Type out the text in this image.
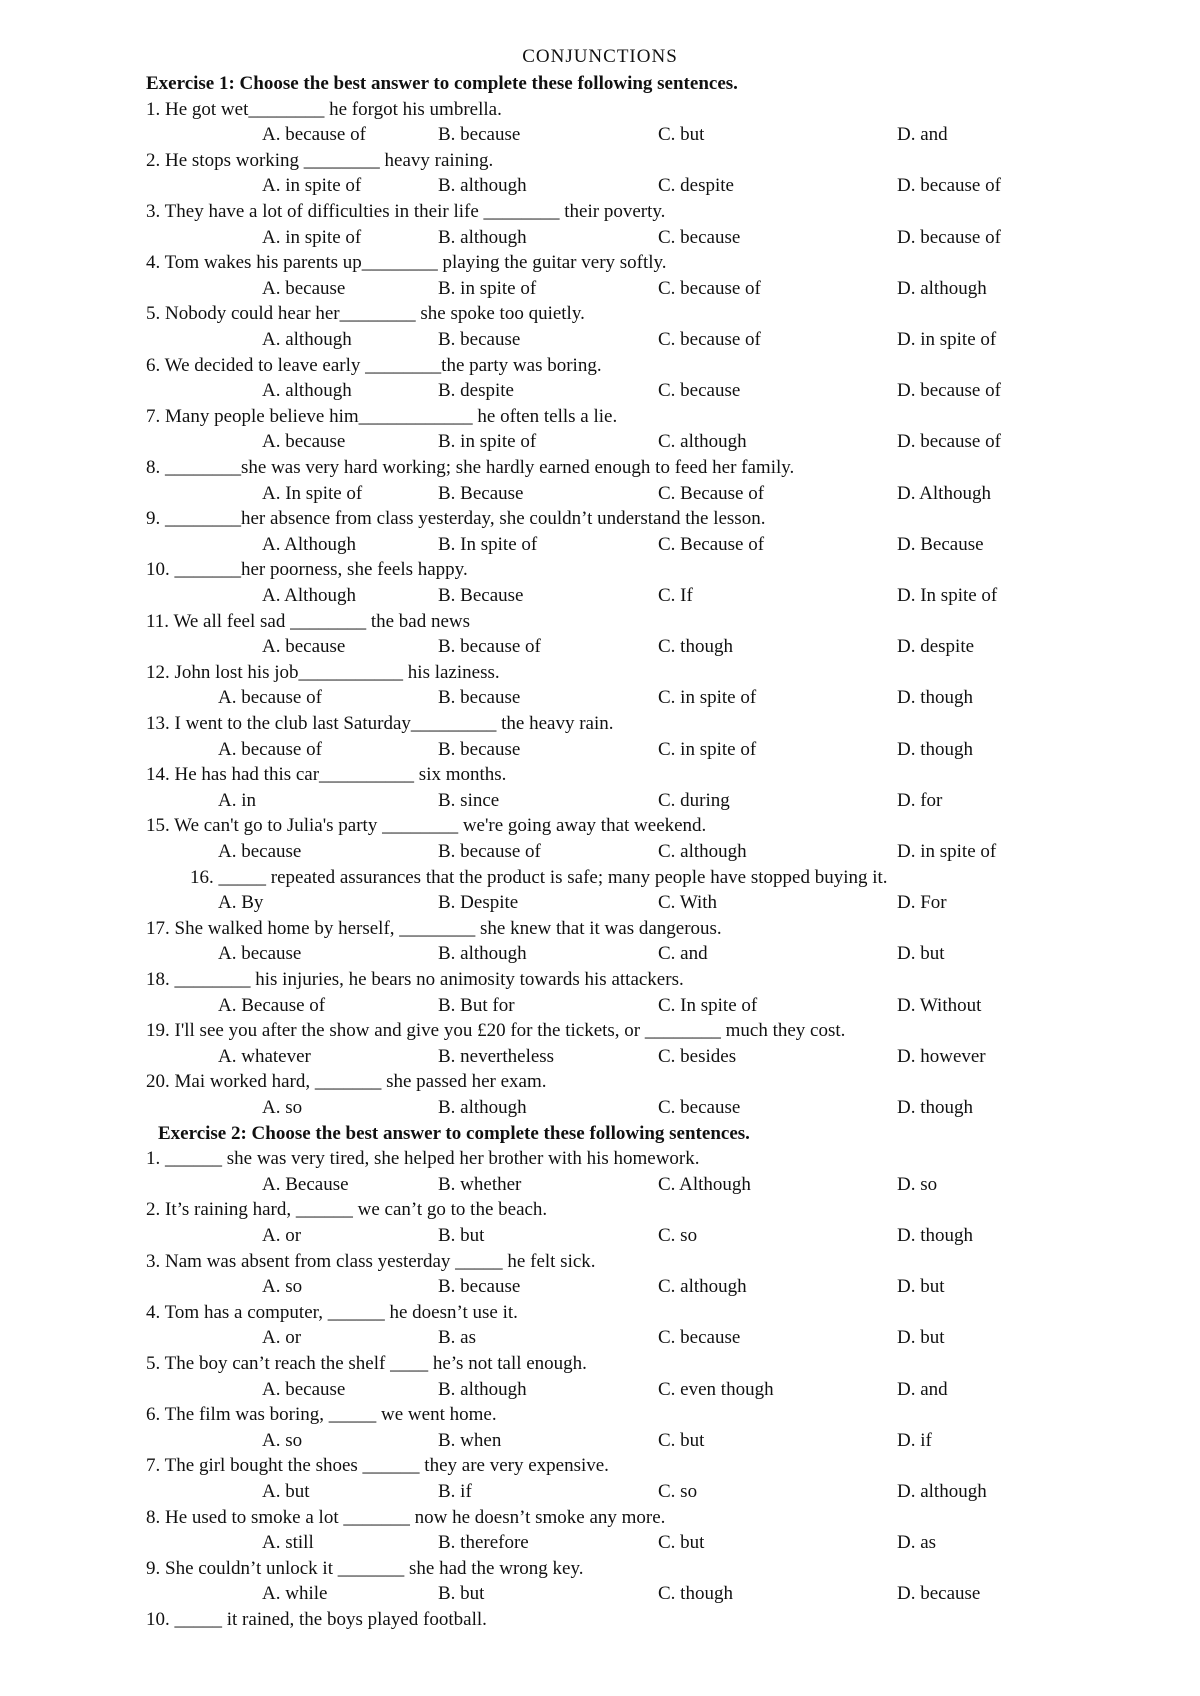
CONJUNCTIONS
Exercise 1: Choose the best answer to complete these following sentences.
1. He got wet________ he forgot his umbrella.
A. because of	B. because	C. but	D. and
2. He stops working ________ heavy raining.
A. in spite of	B. although	C. despite	D. because of
3. They have a lot of difficulties in their life ________ their poverty.
A. in spite of	B. although	C. because	D. because of
4. Tom wakes his parents up________ playing the guitar very softly.
A. because	B. in spite of	C. because of	D. although
5. Nobody could hear her________ she spoke too quietly.
A. although	B. because	C. because of	D. in spite of
6. We decided to leave early ________the party was boring.
A. although	B. despite	C. because	D. because of
7. Many people believe him____________ he often tells a lie.
A. because	B. in spite of	C. although	D. because of
8. ________she was very hard working; she hardly earned enough to feed her family.
A. In spite of	B. Because	C. Because of	D. Although
9. ________her absence from class yesterday, she couldn’t understand the lesson.
A. Although	B. In spite of	C. Because of	D. Because
10. _______her poorness, she feels happy.
A. Although	B. Because	C. If	D. In spite of
11. We all feel sad ________ the bad news
A. because	B. because of	C. though	D. despite
12. John lost his job___________ his laziness.
A. because of	B. because	C. in spite of	D. though
13. I went to the club last Saturday_________ the heavy rain.
A. because of	B. because	C. in spite of	D. though
14. He has had this car__________ six months.
A. in	B. since	C. during	D. for
15. We can't go to Julia's party ________ we're going away that weekend.
A. because	B. because of	C. although	D. in spite of
16. _____ repeated assurances that the product is safe; many people have stopped buying it.
A. By	B. Despite	C. With	D. For
17. She walked home by herself, ________ she knew that it was dangerous.
A. because	B. although	C. and	D. but
18. ________ his injuries, he bears no animosity towards his attackers.
A. Because of	B. But for	C. In spite of	D. Without
19. I'll see you after the show and give you £20 for the tickets, or ________ much they cost.
A. whatever	B. nevertheless	C. besides	D. however
20. Mai worked hard, _______ she passed her exam.
A. so	B. although	C. because	D. though
Exercise 2: Choose the best answer to complete these following sentences.
1. ______ she was very tired, she helped her brother with his homework.
A. Because	B. whether	C. Although	D. so
2. It’s raining hard, ______ we can’t go to the beach.
A. or	B. but	C. so	D. though
3. Nam was absent from class yesterday _____ he felt sick.
A. so	B. because	C. although	D. but
4. Tom has a computer, ______ he doesn’t use it.
A. or	B. as	C. because	D. but
5. The boy can’t reach the shelf ____ he’s not tall enough.
A. because	B. although	C. even though	D. and
6. The film was boring, _____ we went home.
A. so	B. when	C. but	D. if
7. The girl bought the shoes ______ they are very expensive.
A. but	B. if	C. so	D. although
8. He used to smoke a lot _______ now he doesn’t smoke any more.
A. still	B. therefore	C. but	D. as
9. She couldn’t unlock it _______ she had the wrong key.
A. while	B. but	C. though	D. because
10. _____ it rained, the boys played football.
